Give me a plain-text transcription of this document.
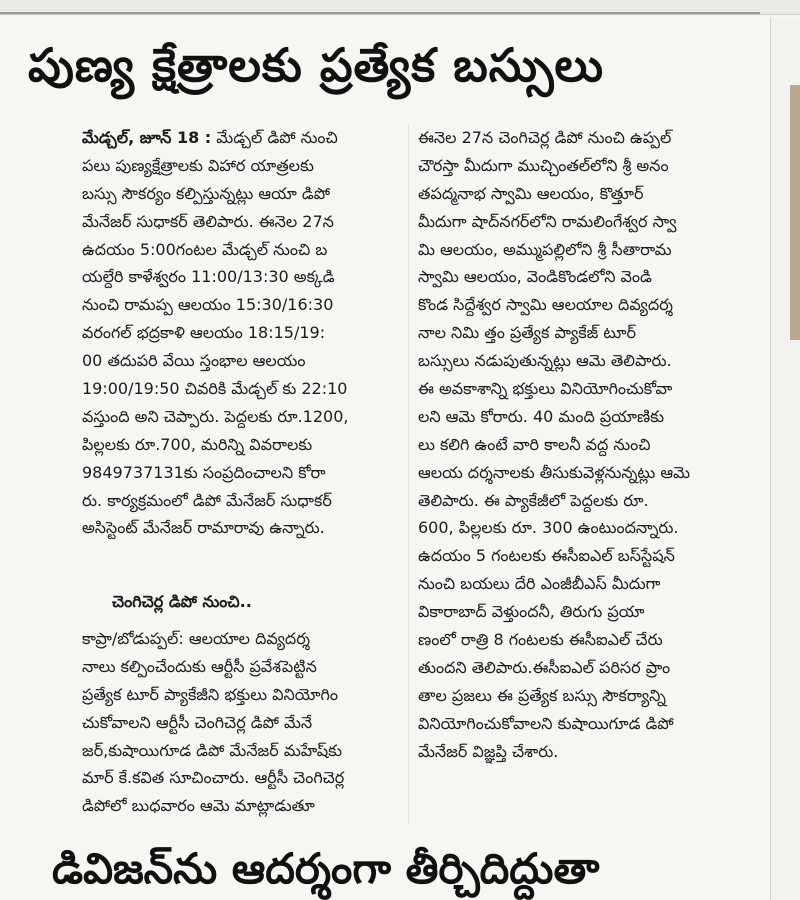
పుణ్య క్షేత్రాలకు ప్రత్యేక బస్సులు
మేడ్చల్, జూన్ 18 : మేడ్చల్ డిపో నుంచి
పలు పుణ్యక్షేత్రాలకు విహార యాత్రలకు
బస్సు సౌకర్యం కల్పిస్తున్నట్లు ఆయా డిపో
మేనేజర్ సుధాకర్ తెలిపారు. ఈనెల 27న
ఉదయం 5:00గంటల మేడ్చల్ నుంచి బ
యల్దేరి కాళేశ్వరం 11:00/13:30 అక్కడి
నుంచి రామప్ప ఆలయం 15:30/16:30
వరంగల్ భద్రకాళి ఆలయం 18:15/19:
00 తదుపరి వేయి స్తంభాల ఆలయం
19:00/19:50 చివరికి మేడ్చల్ కు 22:10
వస్తుంది అని చెప్పారు. పెద్దలకు రూ.1200,
పిల్లలకు రూ.700, మరిన్ని వివరాలకు
9849737131కు సంప్రదించాలని కోరా
రు. కార్యక్రమంలో డిపో మేనేజర్ సుధాకర్
అసిస్టెంట్ మేనేజర్ రామారావు ఉన్నారు.
చెంగిచెర్ల డిపో నుంచి..
కాప్రా/బోడుప్పల్: ఆలయాల దివ్యదర్శ
నాలు కల్పించేందుకు ఆర్టీసీ ప్రవేశపెట్టిన
ప్రత్యేక టూర్ ప్యాకేజీని భక్తులు వినియోగిం
చుకోవాలని ఆర్టీసీ చెంగిచెర్ల డిపో మేనే
జర్,కుషాయిగూడ డిపో మేనేజర్ మహేష్‌కు
మార్ కే.కవిత సూచించారు. ఆర్టీసీ చెంగిచెర్ల
డిపోలో బుధవారం ఆమె మాట్లాడుతూ
ఈనెల 27న చెంగిచెర్ల డిపో నుంచి ఉప్పల్
చౌరస్తా మీదుగా ముచ్చింతల్‌లోని శ్రీ అనం
తపద్మనాభ స్వామి ఆలయం, కొత్తూర్
మీదుగా షాద్‌నగర్‌లోని రామలింగేశ్వర స్వా
మి ఆలయం, అమ్ముపల్లిలోని శ్రీ సీతారామ
స్వామి ఆలయం, వెండికొండలోని వెండి
కొండ సిద్దేశ్వర స్వామి ఆలయాల దివ్యదర్శ
నాల నిమి త్తం ప్రత్యేక ప్యాకేజ్ టూర్
బస్సులు నడుపుతున్నట్లు ఆమె తెలిపారు.
ఈ అవకాశాన్ని భక్తులు వినియోగించుకోవా
లని ఆమె కోరారు. 40 మంది ప్రయాణికు
లు కలిగి ఉంటే వారి కాలనీ వద్ద నుంచి
ఆలయ దర్శనాలకు తీసుకువెళ్లనున్నట్లు ఆమె
తెలిపారు. ఈ ప్యాకేజీలో పెద్దలకు రూ.
600, పిల్లలకు రూ. 300 ఉంటుందన్నారు.
ఉదయం 5 గంటలకు ఈసీఐఎల్ బస్‌స్టేషన్
నుంచి బయలు దేరి ఎంజీబీఎస్ మీదుగా
వికారాబాద్ వెళ్తుందనీ, తిరుగు ప్రయా
ణంలో రాత్రి 8 గంటలకు ఈసీఐఎల్ చేరు
తుందని తెలిపారు.ఈసీఐఎల్ పరిసర ప్రాం
తాల ప్రజలు ఈ ప్రత్యేక బస్సు సౌకర్యాన్ని
వినియోగించుకోవాలని కుషాయిగూడ డిపో
మేనేజర్ విజ్ఞప్తి చేశారు.
డివిజన్‌ను ఆదర్శంగా తీర్చిదిద్దుతా
